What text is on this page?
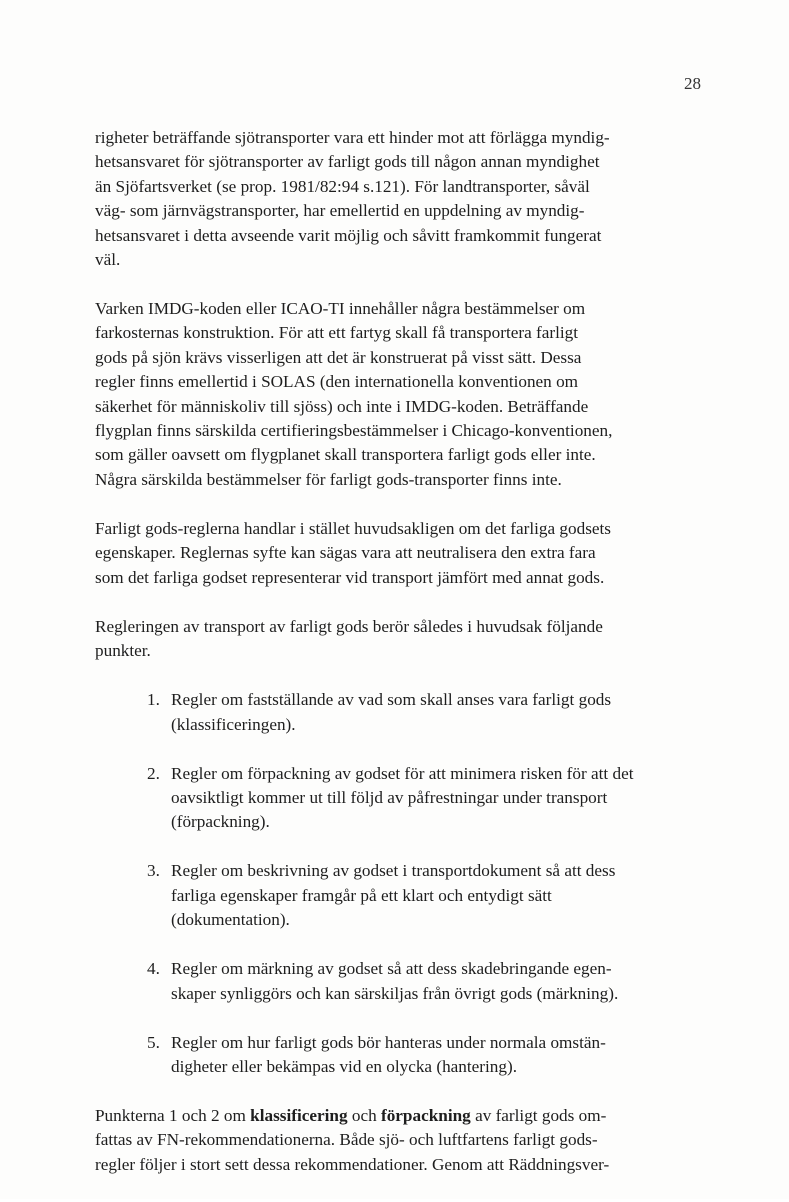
28

righeter beträffande sjötransporter vara ett hinder mot att förlägga myndig-
hetsansvaret för sjötransporter av farligt gods till någon annan myndighet
än Sjöfartsverket (se prop. 1981/82:94 s.121). För landtransporter, såväl
väg- som järnvägstransporter, har emellertid en uppdelning av myndig-
hetsansvaret i detta avseende varit möjlig och såvitt framkommit fungerat
väl.

Varken IMDG-koden eller ICAO-TI innehåller några bestämmelser om
farkosternas konstruktion. För att ett fartyg skall få transportera farligt
gods på sjön krävs visserligen att det är konstruerat på visst sätt. Dessa
regler finns emellertid i SOLAS (den internationella konventionen om
säkerhet för människoliv till sjöss) och inte i IMDG-koden. Beträffande
flygplan finns särskilda certifieringsbestämmelser i Chicago-konventionen,
som gäller oavsett om flygplanet skall transportera farligt gods eller inte.
Några särskilda bestämmelser för farligt gods-transporter finns inte.

Farligt gods-reglerna handlar i stället huvudsakligen om det farliga godsets
egenskaper. Reglernas syfte kan sägas vara att neutralisera den extra fara
som det farliga godset representerar vid transport jämfört med annat gods.

Regleringen av transport av farligt gods berör således i huvudsak följande
punkter.

1. Regler om fastställande av vad som skall anses vara farligt gods
(klassificeringen).
2. Regler om förpackning av godset för att minimera risken för att det
oavsiktligt kommer ut till följd av påfrestningar under transport
(förpackning).
3. Regler om beskrivning av godset i transportdokument så att dess
farliga egenskaper framgår på ett klart och entydigt sätt
(dokumentation).
4. Regler om märkning av godset så att dess skadebringande egen-
skaper synliggörs och kan särskiljas från övrigt gods (märkning).
5. Regler om hur farligt gods bör hanteras under normala omstän-
digheter eller bekämpas vid en olycka (hantering).

Punkterna 1 och 2 om klassificering och förpackning av farligt gods om-
fattas av FN-rekommendationerna. Både sjö- och luftfartens farligt gods-
regler följer i stort sett dessa rekommendationer. Genom att Räddningsver-
